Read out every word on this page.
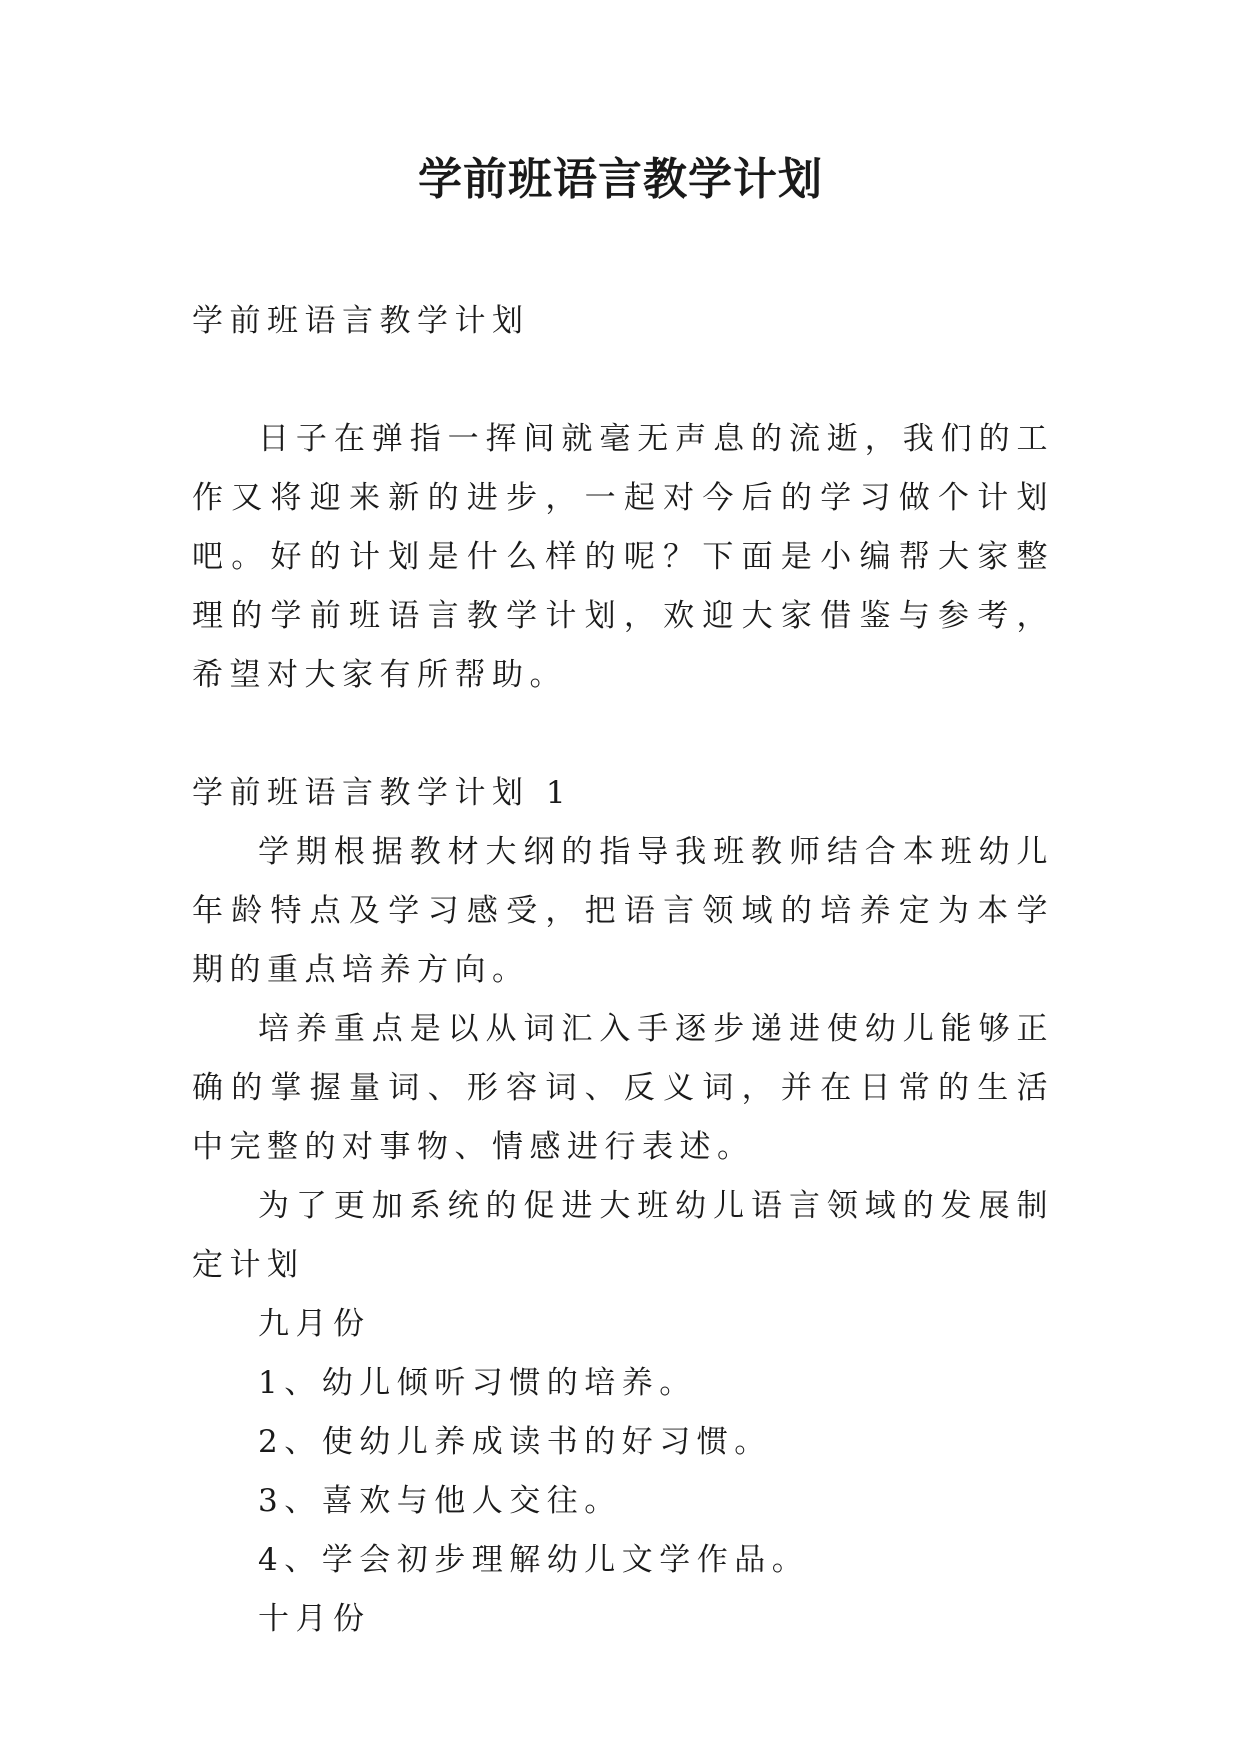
学前班语言教学计划

学前班语言教学计划

日子在弹指一挥间就毫无声息的流逝，我们的工作又将迎来新的进步，一起对今后的学习做个计划吧。好的计划是什么样的呢？下面是小编帮大家整理的学前班语言教学计划，欢迎大家借鉴与参考，希望对大家有所帮助。

学前班语言教学计划 1

学期根据教材大纲的指导我班教师结合本班幼儿年龄特点及学习感受，把语言领域的培养定为本学期的重点培养方向。

培养重点是以从词汇入手逐步递进使幼儿能够正确的掌握量词、形容词、反义词，并在日常的生活中完整的对事物、情感进行表述。

为了更加系统的促进大班幼儿语言领域的发展制定计划

九月份

1、幼儿倾听习惯的培养。

2、使幼儿养成读书的好习惯。

3、喜欢与他人交往。

4、学会初步理解幼儿文学作品。

十月份
